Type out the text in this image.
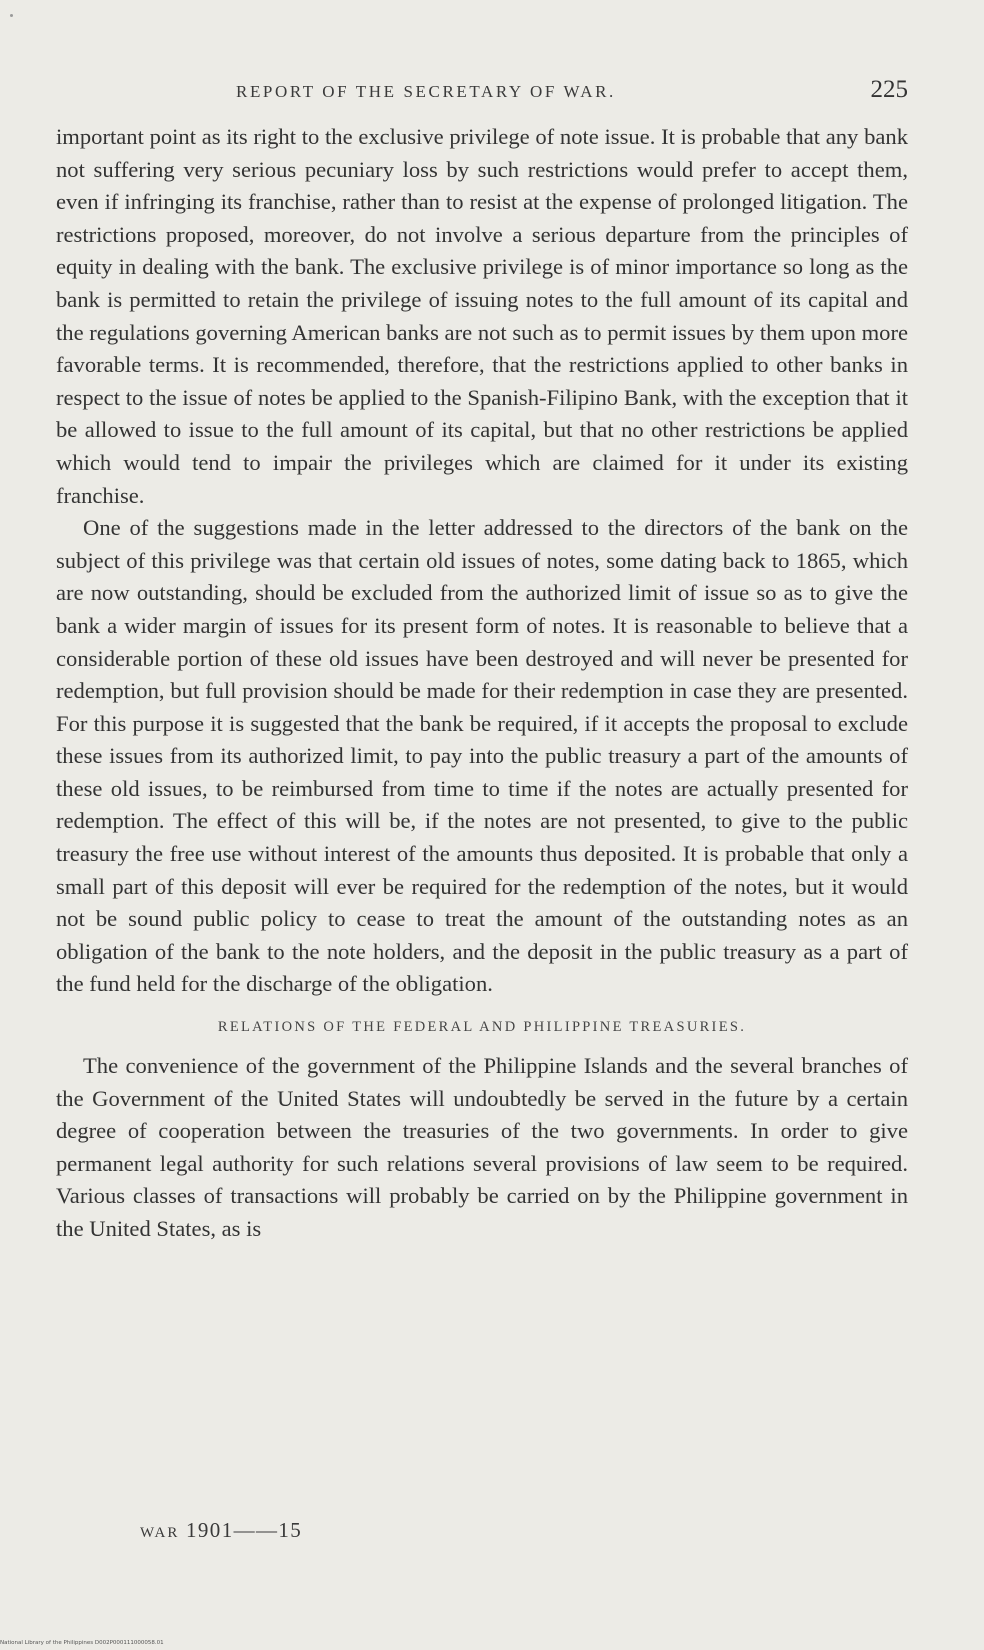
REPORT OF THE SECRETARY OF WAR.	225

important point as its right to the exclusive privilege of note issue. It is probable that any bank not suffering very serious pecuniary loss by such restrictions would prefer to accept them, even if infringing its franchise, rather than to resist at the expense of prolonged litigation. The restrictions proposed, moreover, do not involve a serious departure from the principles of equity in dealing with the bank. The exclusive privilege is of minor importance so long as the bank is permitted to retain the privilege of issuing notes to the full amount of its capital and the regulations governing American banks are not such as to permit issues by them upon more favorable terms. It is recommended, therefore, that the restrictions applied to other banks in respect to the issue of notes be applied to the Spanish-Filipino Bank, with the exception that it be allowed to issue to the full amount of its capital, but that no other restrictions be applied which would tend to impair the privileges which are claimed for it under its existing franchise.

One of the suggestions made in the letter addressed to the directors of the bank on the subject of this privilege was that certain old issues of notes, some dating back to 1865, which are now outstanding, should be excluded from the authorized limit of issue so as to give the bank a wider margin of issues for its present form of notes. It is reasonable to believe that a considerable portion of these old issues have been destroyed and will never be presented for redemption, but full provision should be made for their redemption in case they are presented. For this purpose it is suggested that the bank be required, if it accepts the proposal to exclude these issues from its authorized limit, to pay into the public treasury a part of the amounts of these old issues, to be reimbursed from time to time if the notes are actually presented for redemption. The effect of this will be, if the notes are not presented, to give to the public treasury the free use without interest of the amounts thus deposited. It is probable that only a small part of this deposit will ever be required for the redemption of the notes, but it would not be sound public policy to cease to treat the amount of the outstanding notes as an obligation of the bank to the note holders, and the deposit in the public treasury as a part of the fund held for the discharge of the obligation.

RELATIONS OF THE FEDERAL AND PHILIPPINE TREASURIES.

The convenience of the government of the Philippine Islands and the several branches of the Government of the United States will undoubtedly be served in the future by a certain degree of cooperation between the treasuries of the two governments. In order to give permanent legal authority for such relations several provisions of law seem to be required. Various classes of transactions will probably be carried on by the Philippine government in the United States, as is

WAR 1901——15
National Library of the Philippines D002P000111000058.01
